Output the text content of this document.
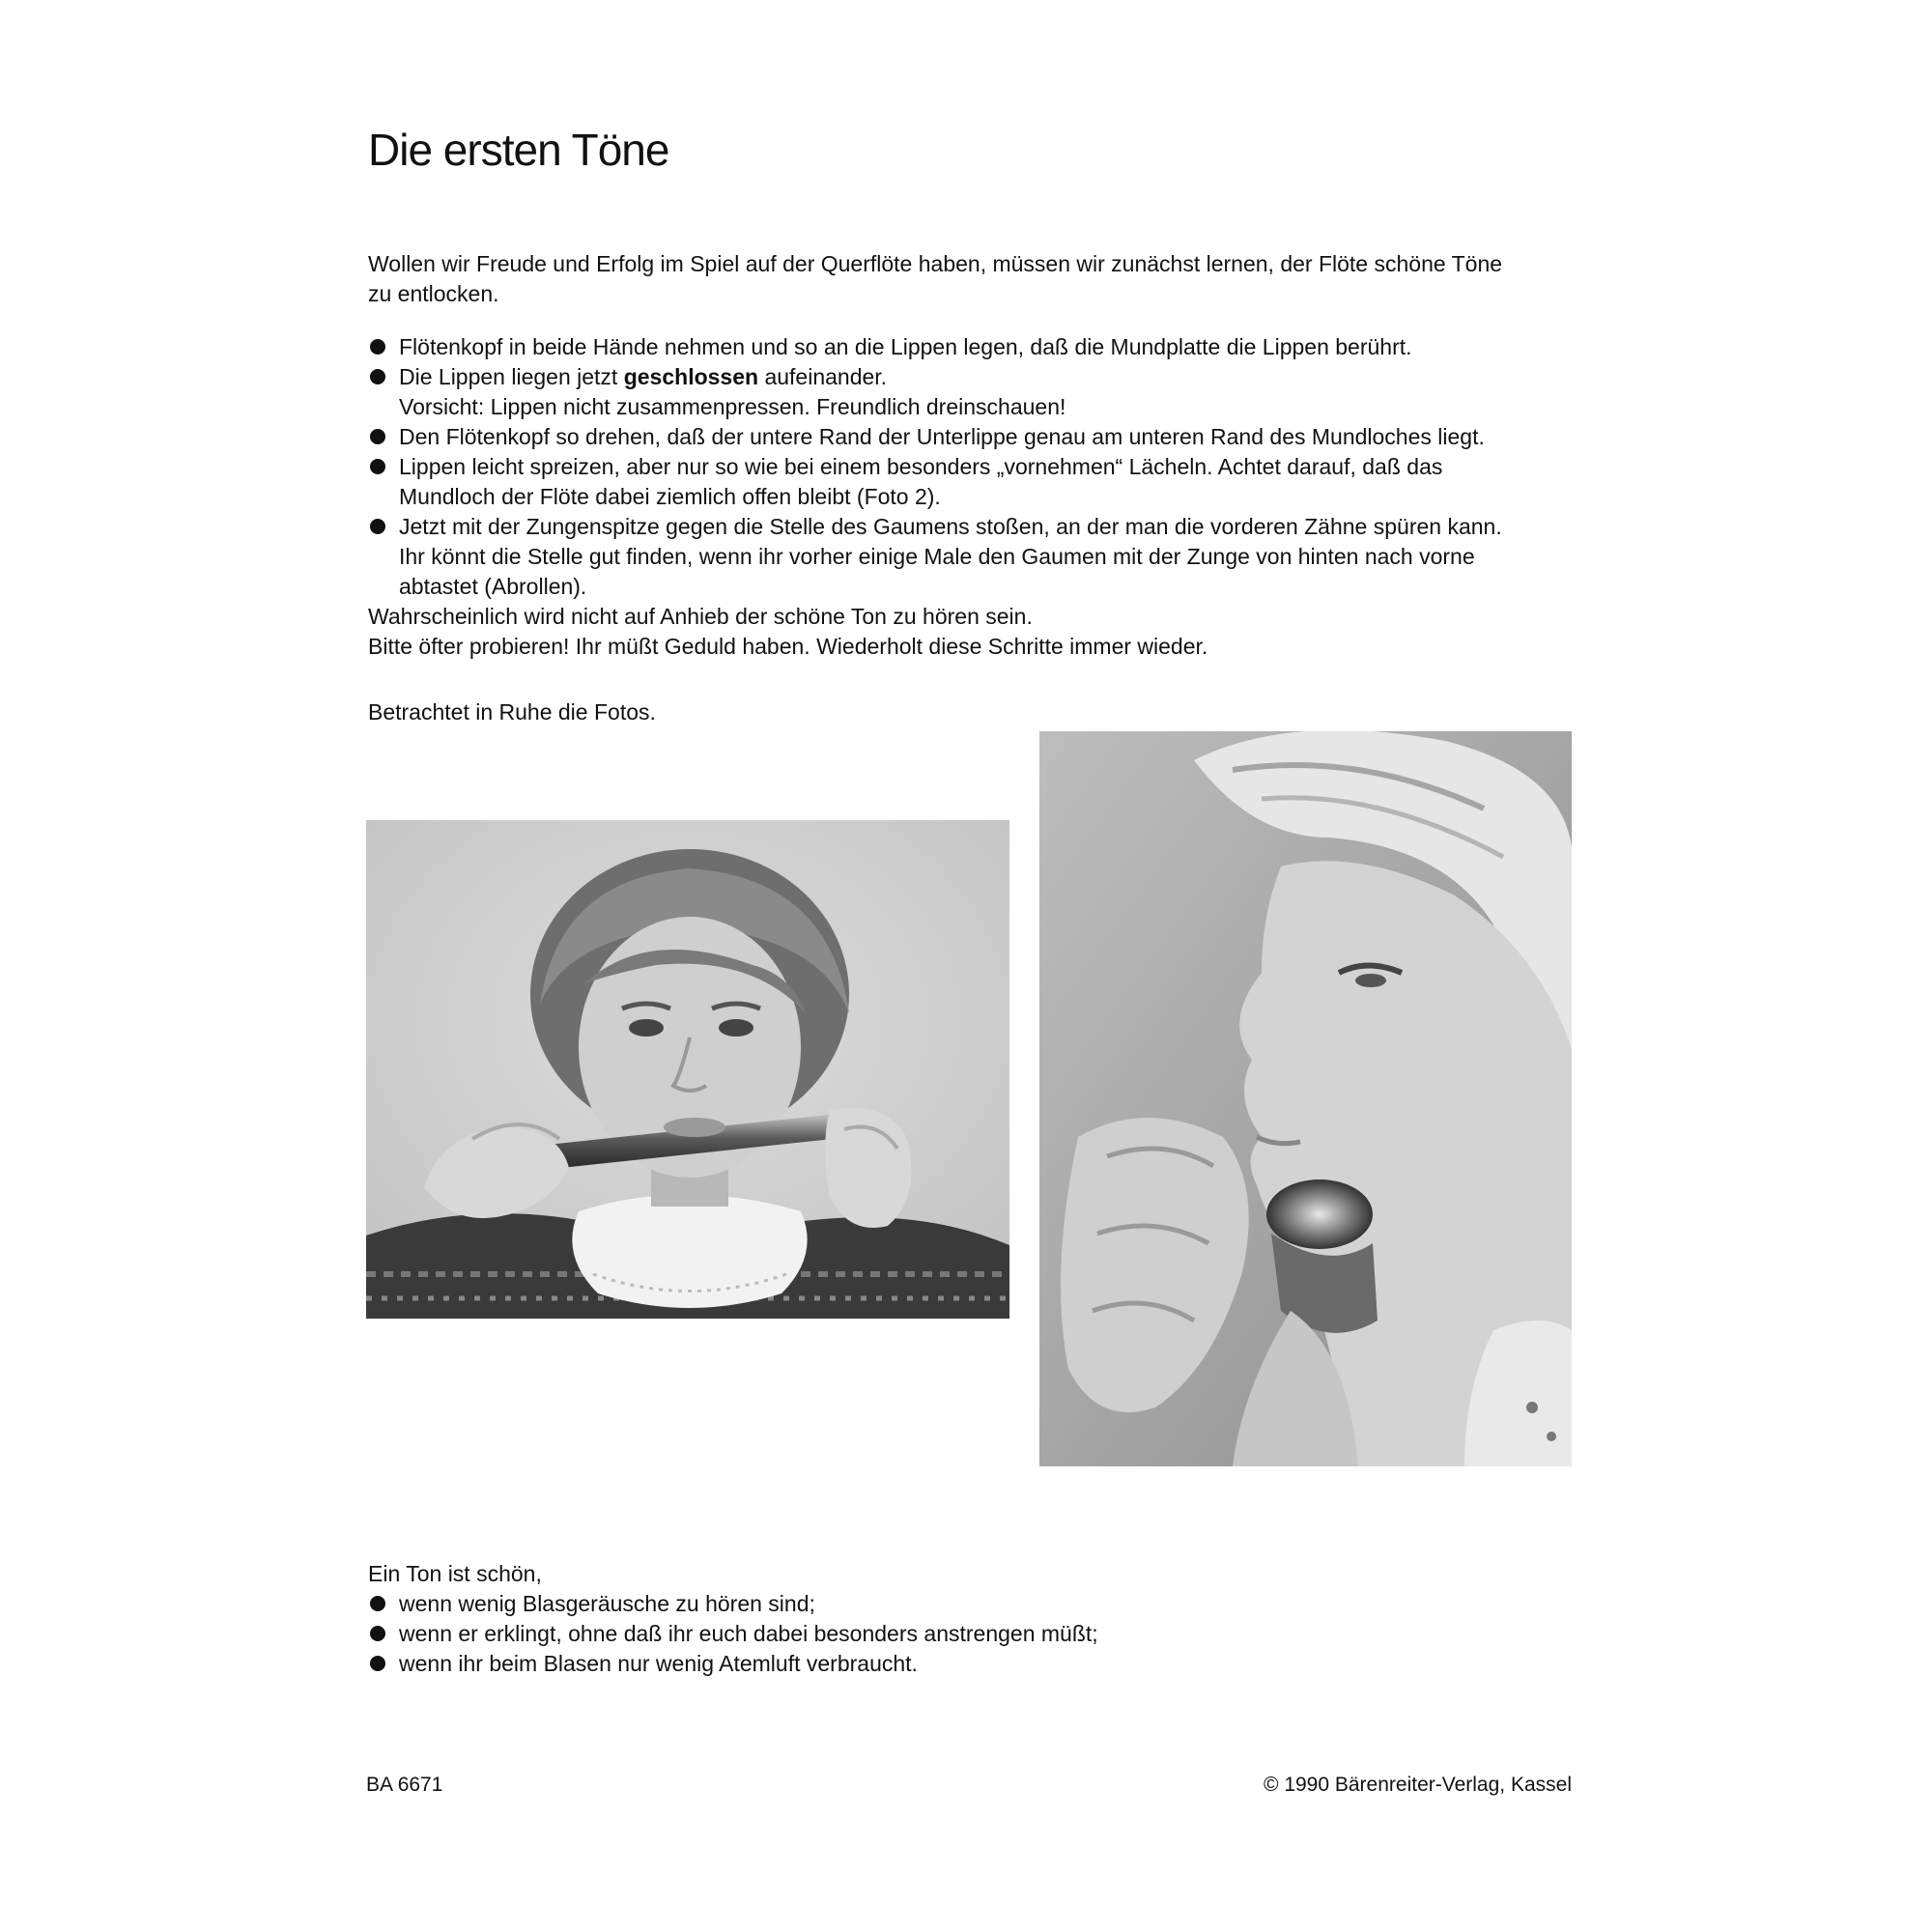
Die ersten Töne
Wollen wir Freude und Erfolg im Spiel auf der Querflöte haben, müssen wir zunächst lernen, der Flöte schöne Töne
zu entlocken.
Flötenkopf in beide Hände nehmen und so an die Lippen legen, daß die Mundplatte die Lippen berührt.
Die Lippen liegen jetzt geschlossen aufeinander.
Vorsicht: Lippen nicht zusammenpressen. Freundlich dreinschauen!
Den Flötenkopf so drehen, daß der untere Rand der Unterlippe genau am unteren Rand des Mundloches liegt.
Lippen leicht spreizen, aber nur so wie bei einem besonders „vornehmen“ Lächeln. Achtet darauf, daß das
Mundloch der Flöte dabei ziemlich offen bleibt (Foto 2).
Jetzt mit der Zungenspitze gegen die Stelle des Gaumens stoßen, an der man die vorderen Zähne spüren kann.
Ihr könnt die Stelle gut finden, wenn ihr vorher einige Male den Gaumen mit der Zunge von hinten nach vorne
abtastet (Abrollen).
Wahrscheinlich wird nicht auf Anhieb der schöne Ton zu hören sein.
Bitte öfter probieren! Ihr müßt Geduld haben. Wiederholt diese Schritte immer wieder.
Betrachtet in Ruhe die Fotos.
Ein Ton ist schön,
wenn wenig Blasgeräusche zu hören sind;
wenn er erklingt, ohne daß ihr euch dabei besonders anstrengen müßt;
wenn ihr beim Blasen nur wenig Atemluft verbraucht.
BA 6671	© 1990 Bärenreiter-Verlag, Kassel
